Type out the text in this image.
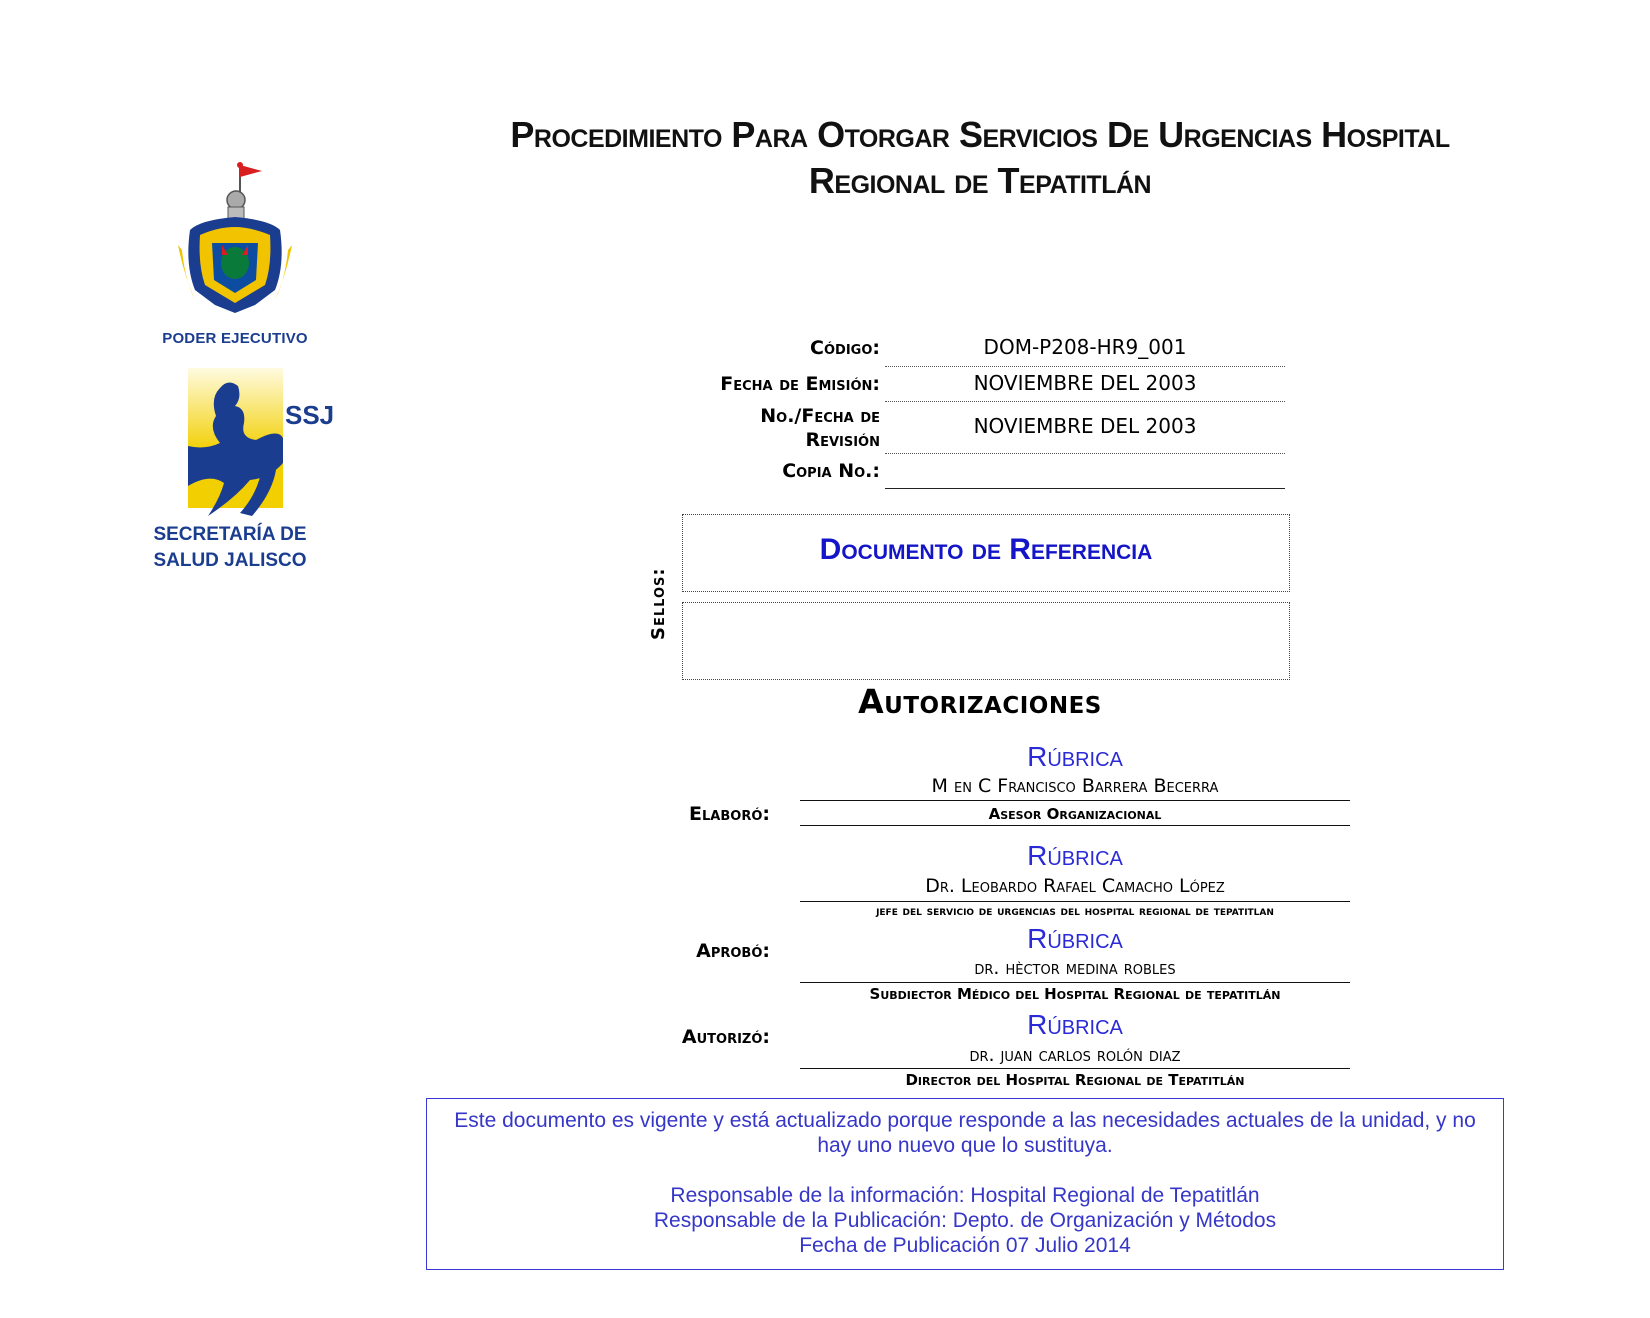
Procedimiento Para Otorgar Servicios De Urgencias Hospital
Regional de Tepatitlán
PODER EJECUTIVO
SSJ
SECRETARÍA DE
SALUD JALISCO
Código:	DOM-P208-HR9_001
Fecha de Emisión:	NOVIEMBRE DEL 2003
No./Fecha de
Revisión
NOVIEMBRE DEL 2003
Copia No.:
Sellos:
Documento de Referencia
Autorizaciones
Rúbrica
M en C Francisco Barrera Becerra
Asesor Organizacional
Elaboró:
Rúbrica
Dr. Leobardo Rafael Camacho López
jefe del servicio de urgencias del hospital regional de tepatitlan
Rúbrica
dr. hèctor medina robles
Subdiector Médico del Hospital Regional de tepatitlán
Aprobó:
Rúbrica
dr. juan carlos rolón diaz
Director del Hospital Regional de Tepatitlán
Autorizó:
Este documento es vigente y está actualizado porque responde a las necesidades actuales de la unidad, y no
hay uno nuevo que lo sustituya.
Responsable de la información: Hospital Regional de Tepatitlán
Responsable de la Publicación: Depto. de Organización y Métodos
Fecha de Publicación 07 Julio 2014
